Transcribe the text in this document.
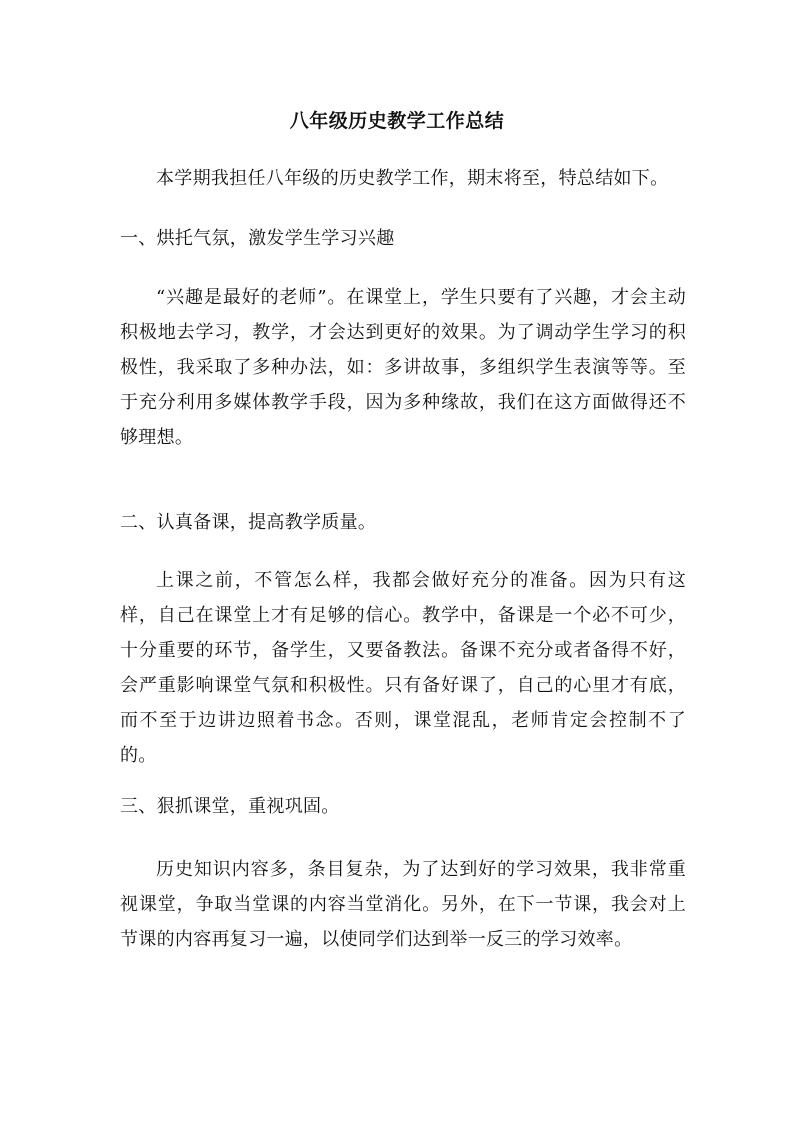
八年级历史教学工作总结
本学期我担任八年级的历史教学工作，期末将至，特总结如下。
一、烘托气氛，激发学生学习兴趣
“兴趣是最好的老师”。在课堂上，学生只要有了兴趣，才会主动积极地去学习，教学，才会达到更好的效果。为了调动学生学习的积极性，我采取了多种办法，如：多讲故事，多组织学生表演等等。至于充分利用多媒体教学手段，因为多种缘故，我们在这方面做得还不够理想。
二、认真备课，提高教学质量。
上课之前，不管怎么样，我都会做好充分的准备。因为只有这样，自己在课堂上才有足够的信心。教学中，备课是一个必不可少，十分重要的环节，备学生，又要备教法。备课不充分或者备得不好，会严重影响课堂气氛和积极性。只有备好课了，自己的心里才有底，而不至于边讲边照着书念。否则，课堂混乱，老师肯定会控制不了的。
三、狠抓课堂，重视巩固。
历史知识内容多，条目复杂，为了达到好的学习效果，我非常重视课堂，争取当堂课的内容当堂消化。另外，在下一节课，我会对上节课的内容再复习一遍，以使同学们达到举一反三的学习效率。
